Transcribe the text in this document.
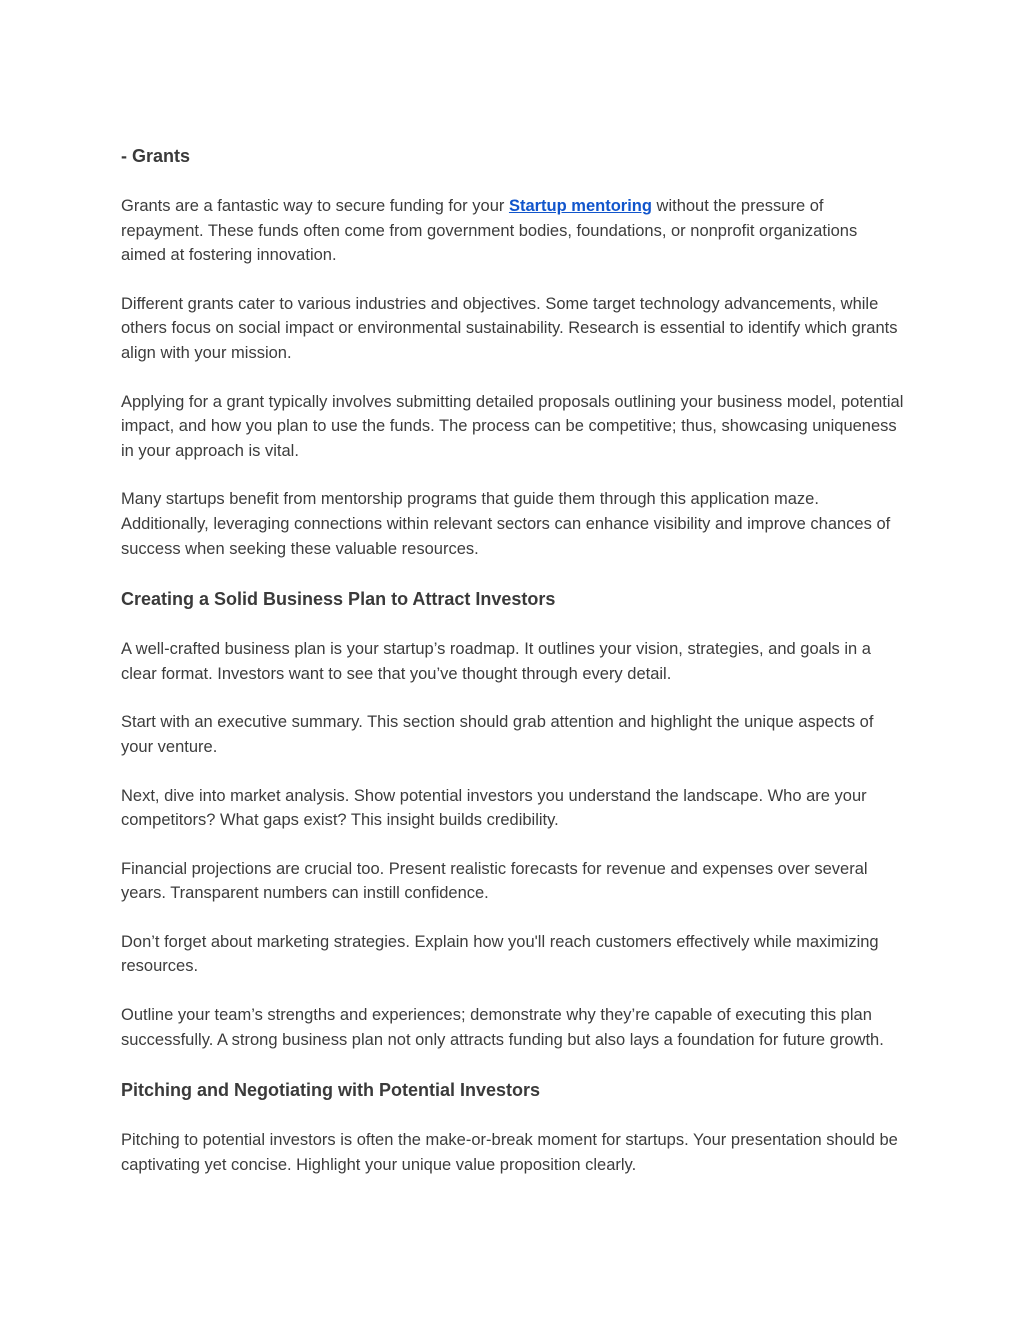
- Grants

Grants are a fantastic way to secure funding for your Startup mentoring without the pressure of repayment. These funds often come from government bodies, foundations, or nonprofit organizations aimed at fostering innovation.

Different grants cater to various industries and objectives. Some target technology advancements, while others focus on social impact or environmental sustainability. Research is essential to identify which grants align with your mission.

Applying for a grant typically involves submitting detailed proposals outlining your business model, potential impact, and how you plan to use the funds. The process can be competitive; thus, showcasing uniqueness in your approach is vital.

Many startups benefit from mentorship programs that guide them through this application maze. Additionally, leveraging connections within relevant sectors can enhance visibility and improve chances of success when seeking these valuable resources.

Creating a Solid Business Plan to Attract Investors

A well-crafted business plan is your startup’s roadmap. It outlines your vision, strategies, and goals in a clear format. Investors want to see that you’ve thought through every detail.

Start with an executive summary. This section should grab attention and highlight the unique aspects of your venture.

Next, dive into market analysis. Show potential investors you understand the landscape. Who are your competitors? What gaps exist? This insight builds credibility.

Financial projections are crucial too. Present realistic forecasts for revenue and expenses over several years. Transparent numbers can instill confidence.

Don’t forget about marketing strategies. Explain how you'll reach customers effectively while maximizing resources.

Outline your team’s strengths and experiences; demonstrate why they’re capable of executing this plan successfully. A strong business plan not only attracts funding but also lays a foundation for future growth.

Pitching and Negotiating with Potential Investors

Pitching to potential investors is often the make-or-break moment for startups. Your presentation should be captivating yet concise. Highlight your unique value proposition clearly.
